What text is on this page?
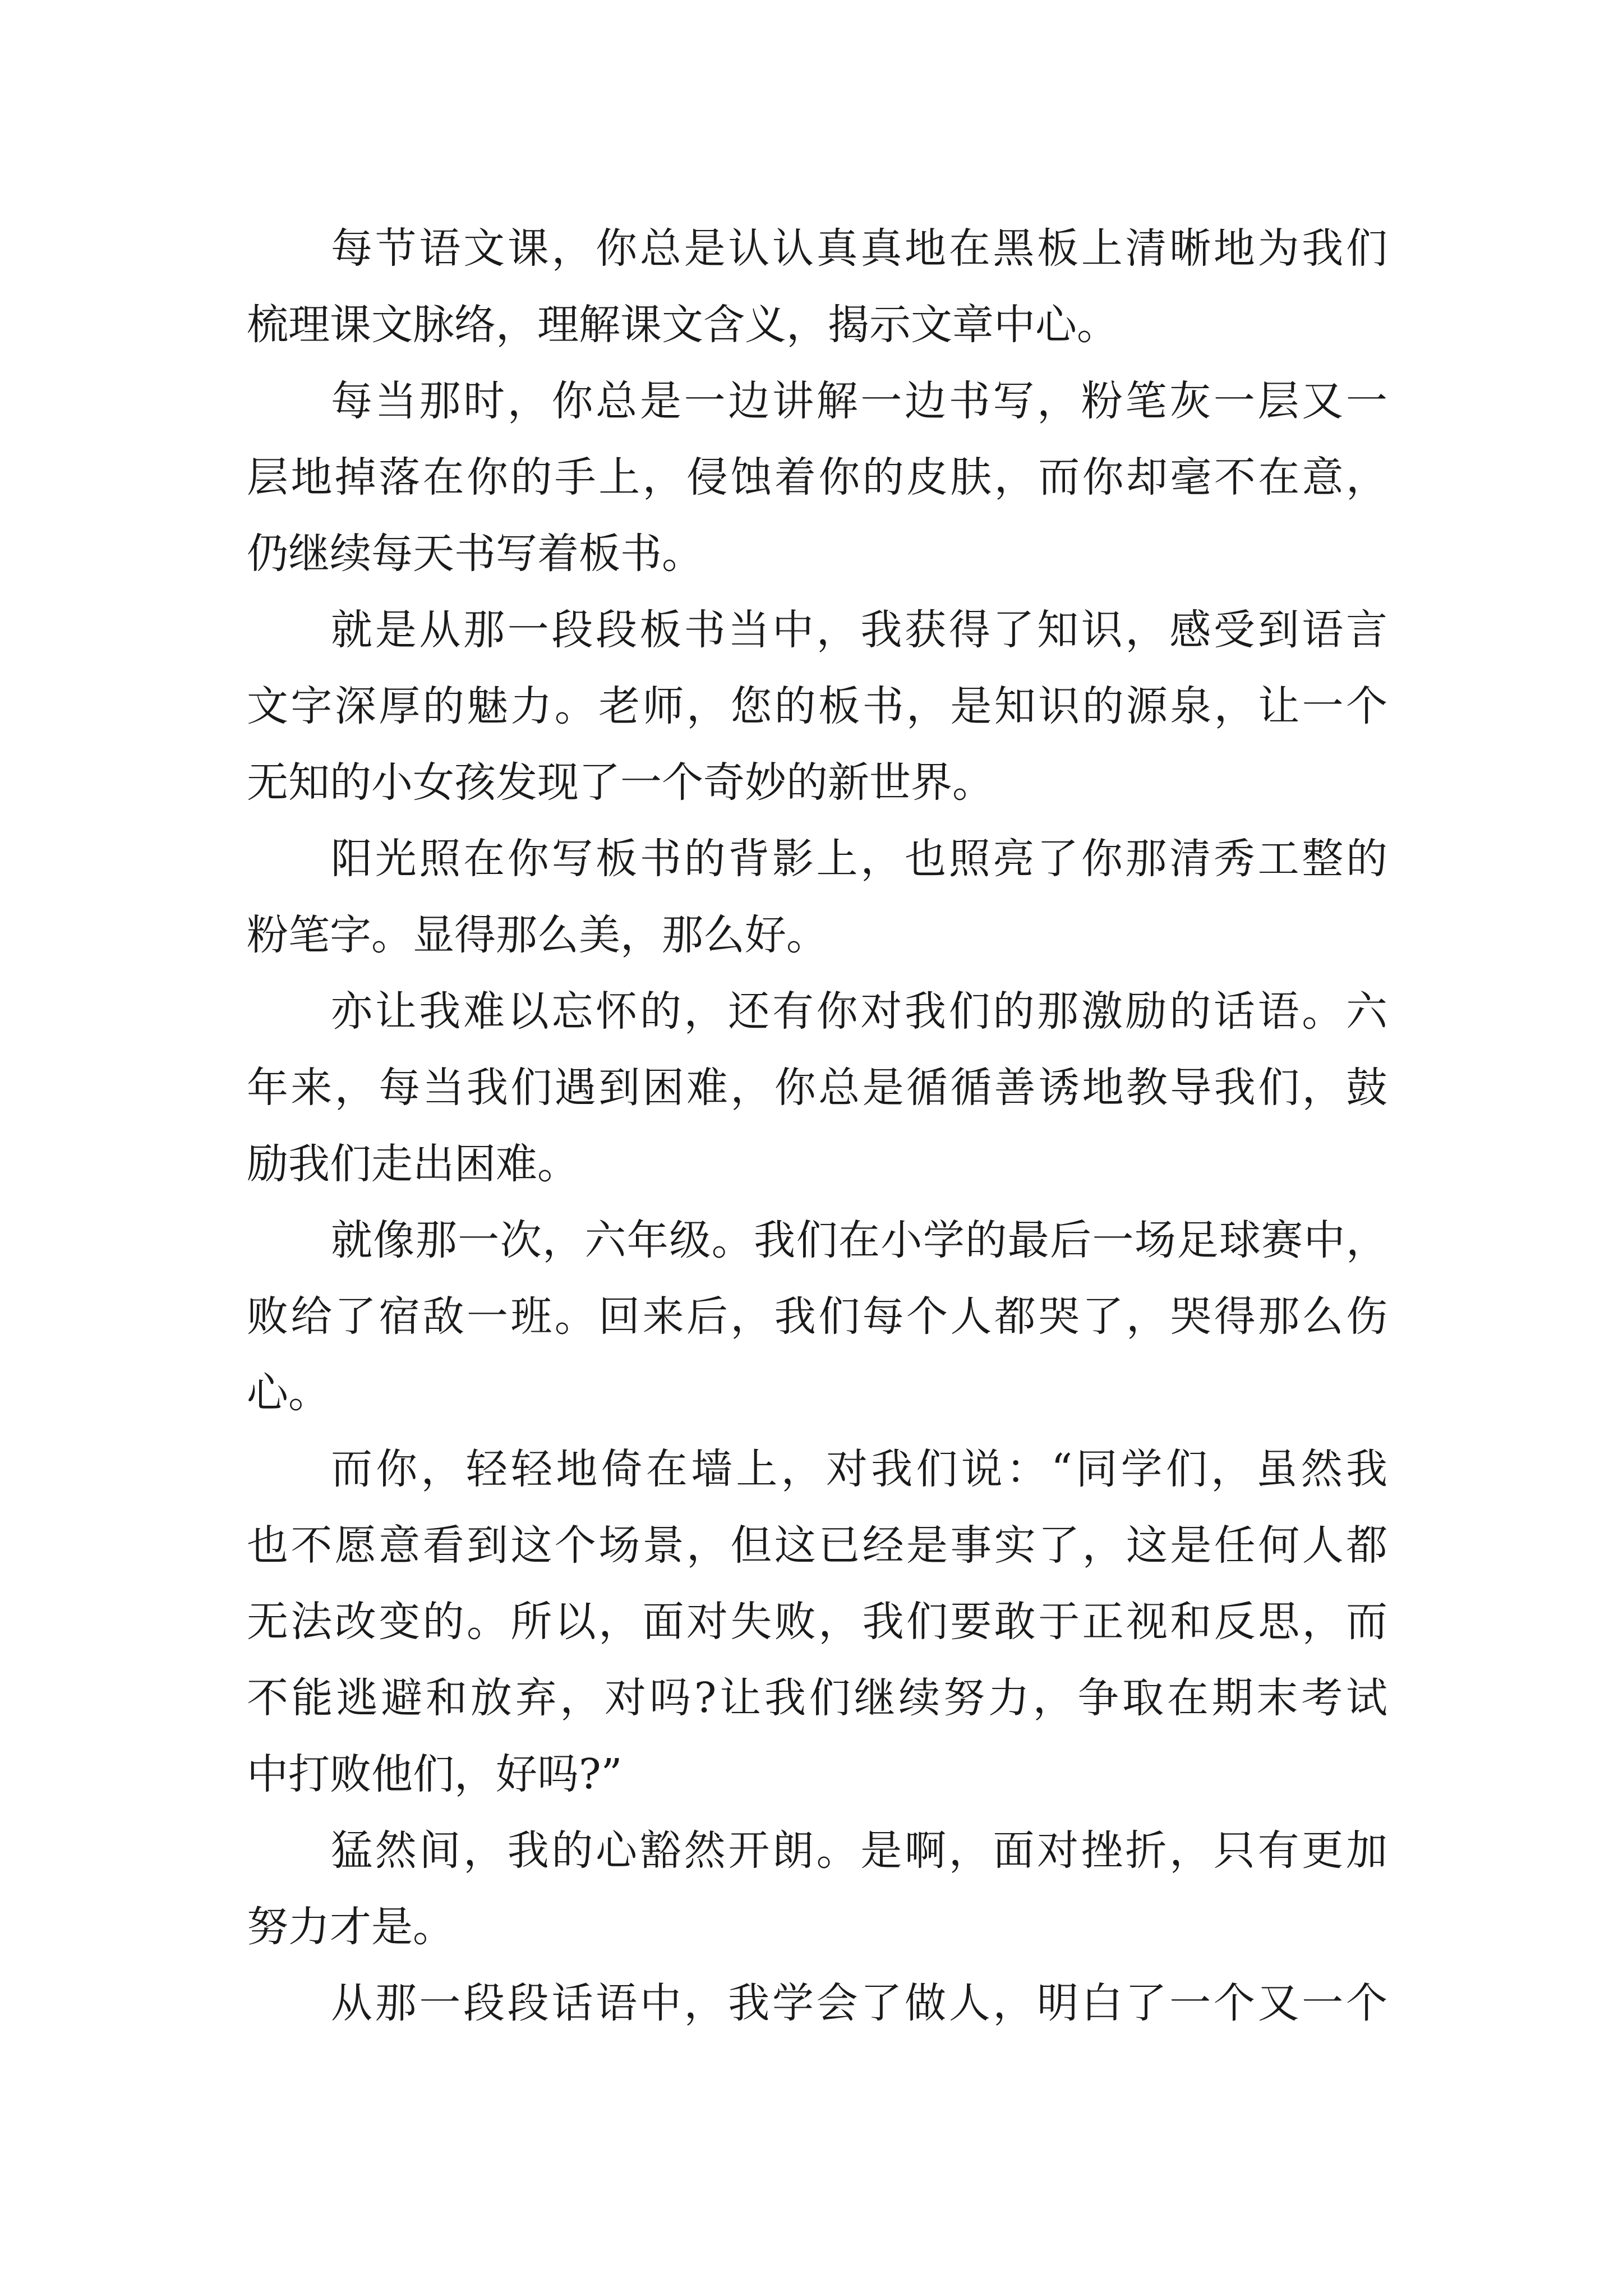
每节语文课，你总是认认真真地在黑板上清晰地为我们
梳理课文脉络，理解课文含义，揭示文章中心。
每当那时，你总是一边讲解一边书写，粉笔灰一层又一
层地掉落在你的手上，侵蚀着你的皮肤，而你却毫不在意，
仍继续每天书写着板书。
就是从那一段段板书当中，我获得了知识，感受到语言
文字深厚的魅力。老师，您的板书，是知识的源泉，让一个
无知的小女孩发现了一个奇妙的新世界。
阳光照在你写板书的背影上，也照亮了你那清秀工整的
粉笔字。显得那么美，那么好。
亦让我难以忘怀的，还有你对我们的那激励的话语。六
年来，每当我们遇到困难，你总是循循善诱地教导我们，鼓
励我们走出困难。
就像那一次，六年级。我们在小学的最后一场足球赛中，
败给了宿敌一班。回来后，我们每个人都哭了，哭得那么伤
心。
而你，轻轻地倚在墙上，对我们说：“同学们，虽然我
也不愿意看到这个场景，但这已经是事实了，这是任何人都
无法改变的。所以，面对失败，我们要敢于正视和反思，而
不能逃避和放弃，对吗?让我们继续努力，争取在期末考试
中打败他们，好吗?”
猛然间，我的心豁然开朗。是啊，面对挫折，只有更加
努力才是。
从那一段段话语中，我学会了做人，明白了一个又一个
